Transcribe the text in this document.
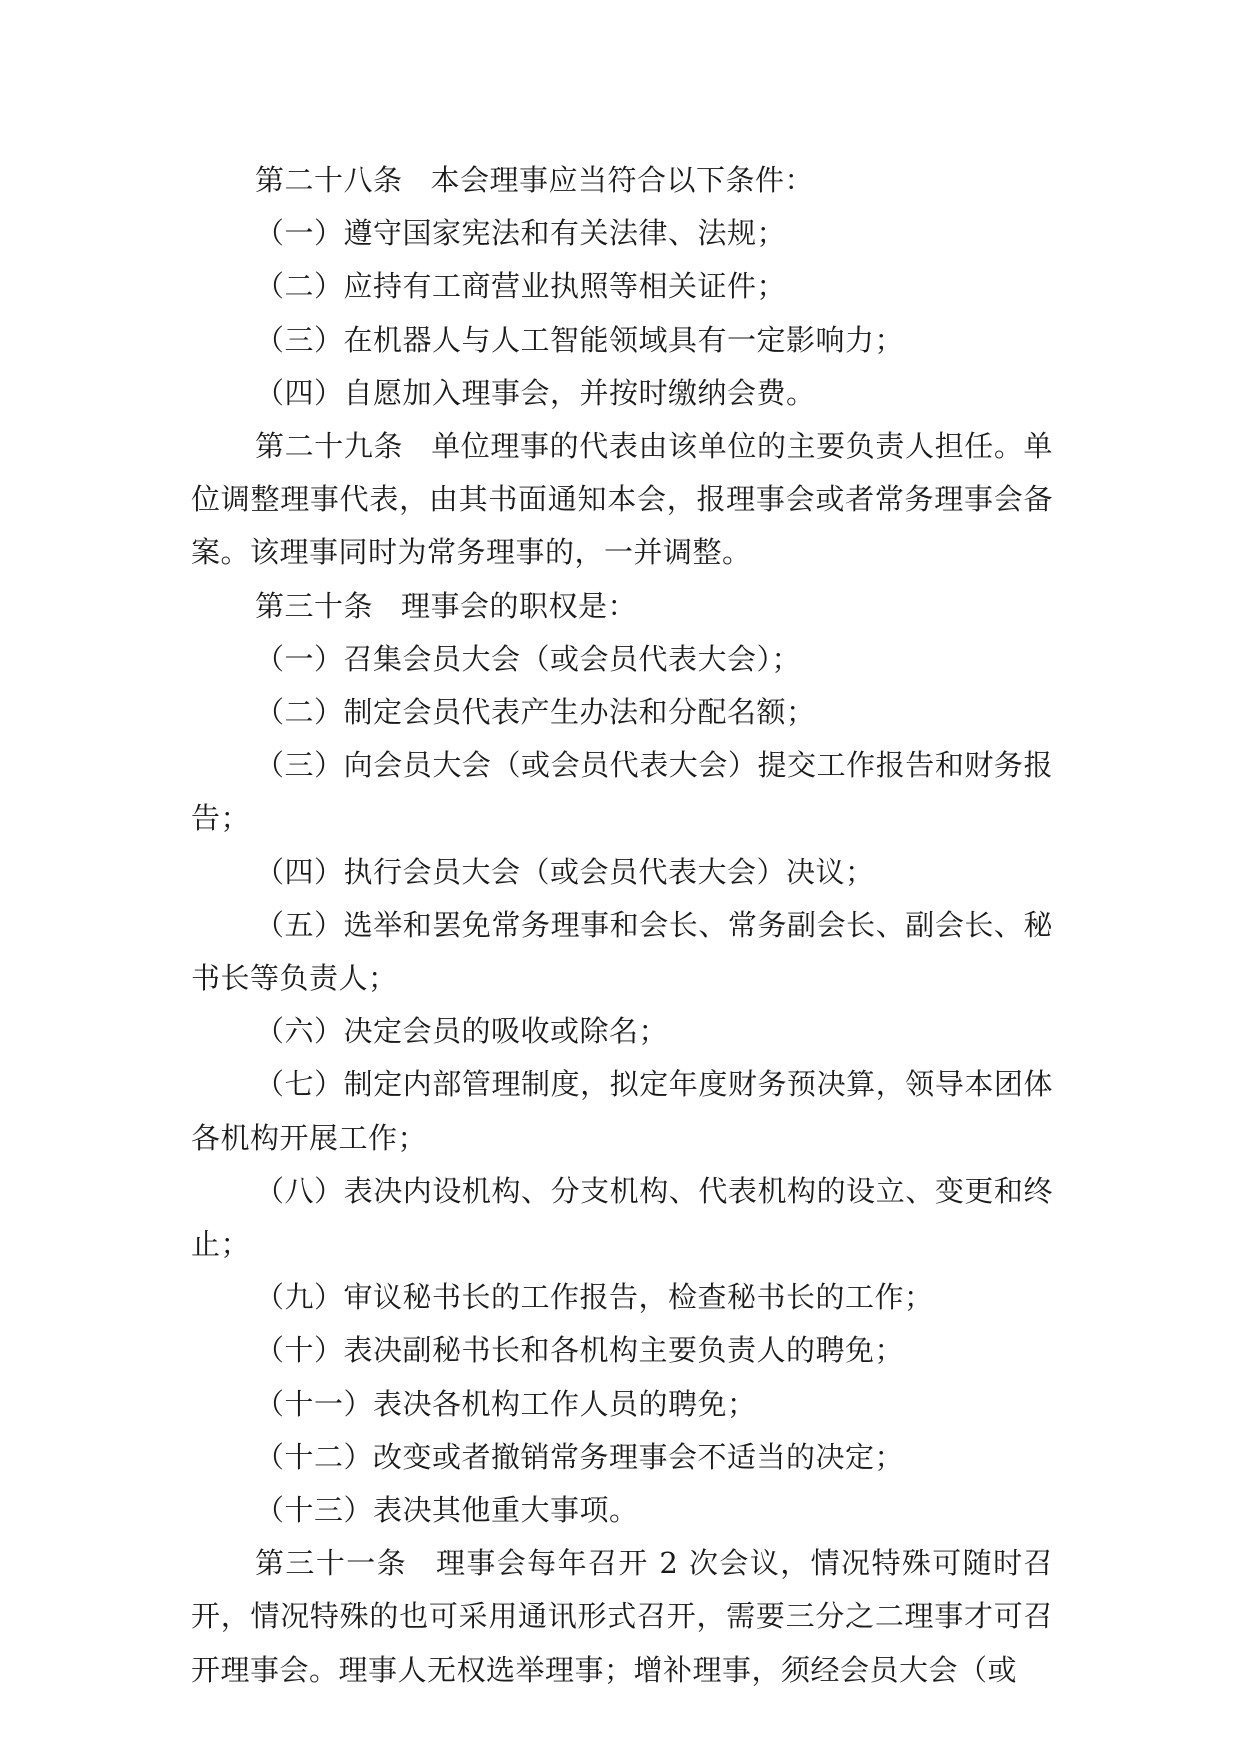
第二十八条 本会理事应当符合以下条件：

（一）遵守国家宪法和有关法律、法规；

（二）应持有工商营业执照等相关证件；

（三）在机器人与人工智能领域具有一定影响力；

（四）自愿加入理事会，并按时缴纳会费。

第二十九条 单位理事的代表由该单位的主要负责人担任。单位调整理事代表，由其书面通知本会，报理事会或者常务理事会备案。该理事同时为常务理事的，一并调整。

第三十条 理事会的职权是：

（一）召集会员大会（或会员代表大会）；

（二）制定会员代表产生办法和分配名额；

（三）向会员大会（或会员代表大会）提交工作报告和财务报告；

（四）执行会员大会（或会员代表大会）决议；

（五）选举和罢免常务理事和会长、常务副会长、副会长、秘书长等负责人；

（六）决定会员的吸收或除名；

（七）制定内部管理制度，拟定年度财务预决算，领导本团体各机构开展工作；

（八）表决内设机构、分支机构、代表机构的设立、变更和终止；

（九）审议秘书长的工作报告，检查秘书长的工作；

（十）表决副秘书长和各机构主要负责人的聘免；

（十一）表决各机构工作人员的聘免；

（十二）改变或者撤销常务理事会不适当的决定；

（十三）表决其他重大事项。

第三十一条 理事会每年召开 2 次会议，情况特殊可随时召开，情况特殊的也可采用通讯形式召开，需要三分之二理事才可召开理事会。理事人无权选举理事；增补理事，须经会员大会（或
